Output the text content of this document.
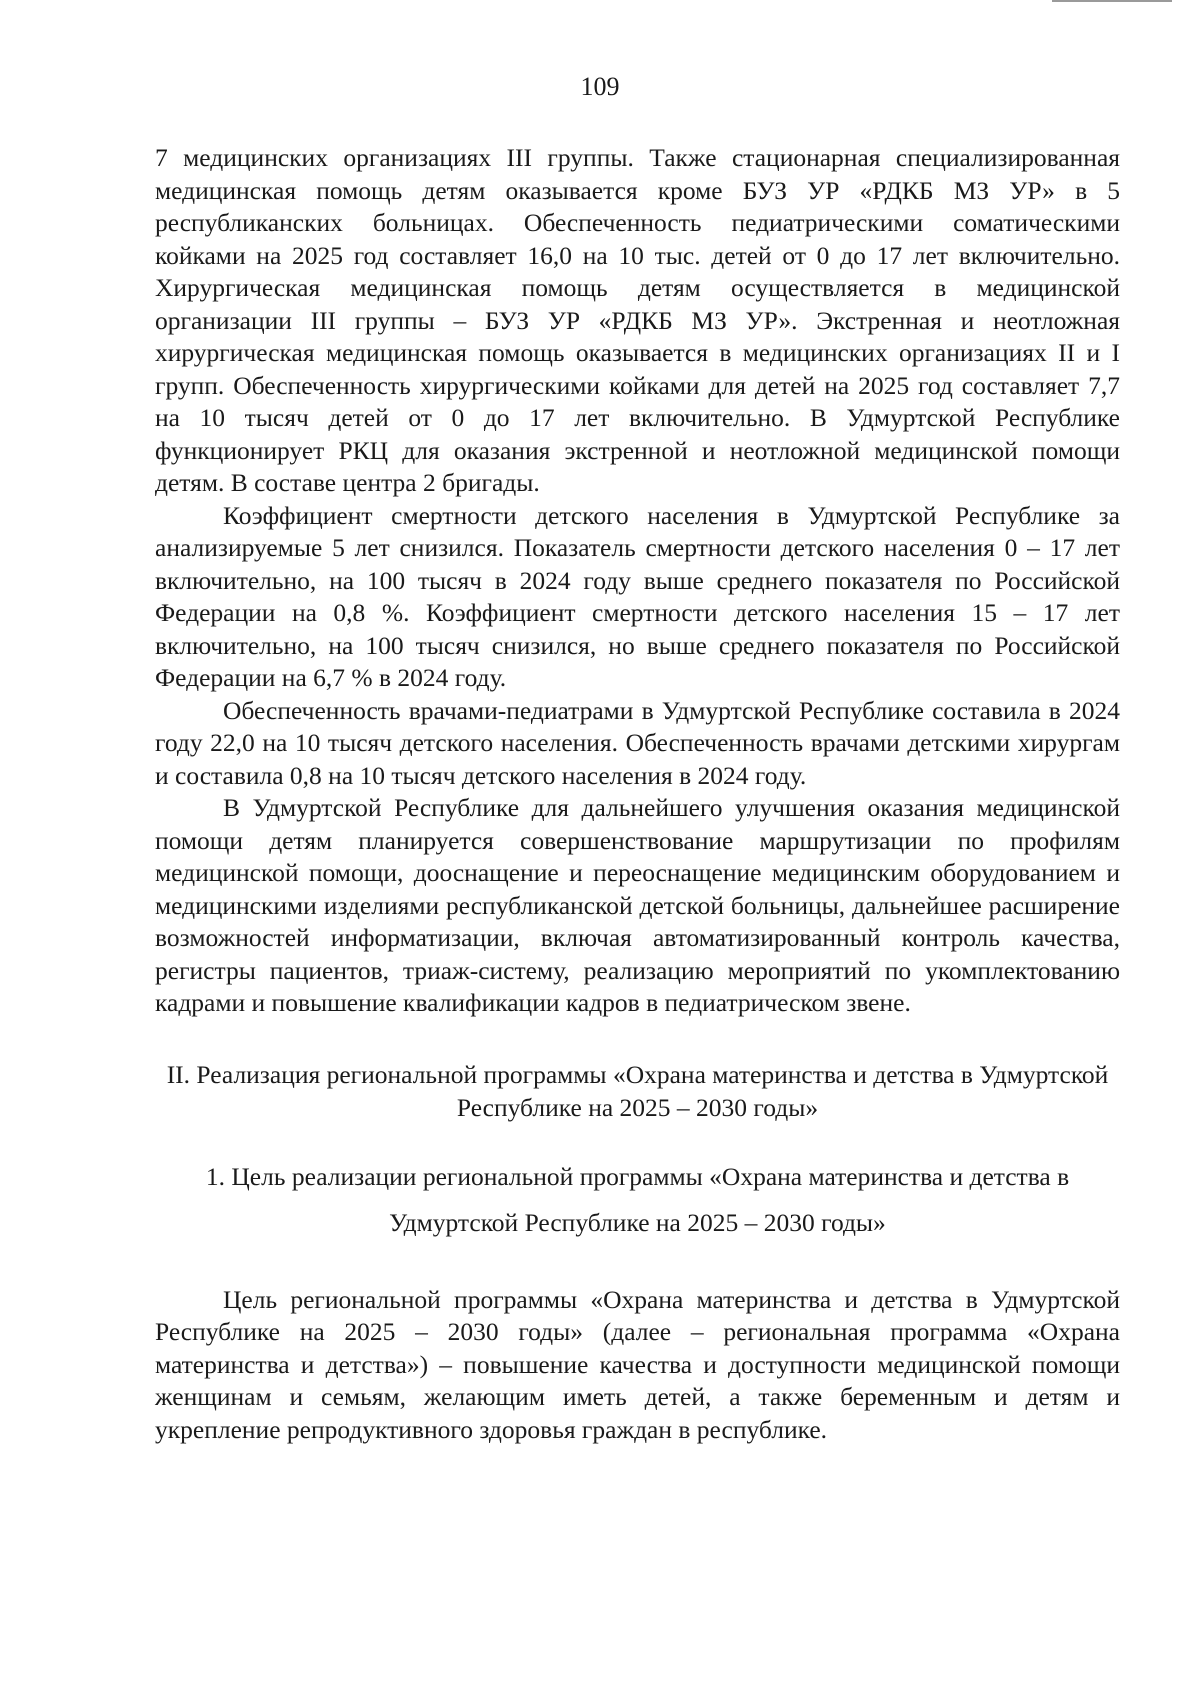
109

7 медицинских организациях III группы. Также стационарная специализированная медицинская помощь детям оказывается кроме БУЗ УР «РДКБ МЗ УР» в 5 республиканских больницах. Обеспеченность педиатрическими соматическими койками на 2025 год составляет 16,0 на 10 тыс. детей от 0 до 17 лет включительно. Хирургическая медицинская помощь детям осуществляется в медицинской организации III группы – БУЗ УР «РДКБ МЗ УР». Экстренная и неотложная хирургическая медицинская помощь оказывается в медицинских организациях II и I групп. Обеспеченность хирургическими койками для детей на 2025 год составляет 7,7 на 10 тысяч детей от 0 до 17 лет включительно. В Удмуртской Республике функционирует РКЦ для оказания экстренной и неотложной медицинской помощи детям. В составе центра 2 бригады.

Коэффициент смертности детского населения в Удмуртской Республике за анализируемые 5 лет снизился. Показатель смертности детского населения 0 – 17 лет включительно, на 100 тысяч в 2024 году выше среднего показателя по Российской Федерации на 0,8 %. Коэффициент смертности детского населения 15 – 17 лет включительно, на 100 тысяч снизился, но выше среднего показателя по Российской Федерации на 6,7 % в 2024 году.

Обеспеченность врачами-педиатрами в Удмуртской Республике составила в 2024 году 22,0 на 10 тысяч детского населения. Обеспеченность врачами детскими хирургам и составила 0,8 на 10 тысяч детского населения в 2024 году.

В Удмуртской Республике для дальнейшего улучшения оказания медицинской помощи детям планируется совершенствование маршрутизации по профилям медицинской помощи, дооснащение и переоснащение медицинским оборудованием и медицинскими изделиями республиканской детской больницы, дальнейшее расширение возможностей информатизации, включая автоматизированный контроль качества, регистры пациентов, триаж-систему, реализацию мероприятий по укомплектованию кадрами и повышение квалификации кадров в педиатрическом звене.

II. Реализация региональной программы «Охрана материнства и детства в Удмуртской Республике на 2025 – 2030 годы»
1. Цель реализации региональной программы «Охрана материнства и детства в Удмуртской Республике на 2025 – 2030 годы»

Цель региональной программы «Охрана материнства и детства в Удмуртской Республике на 2025 – 2030 годы» (далее – региональная программа «Охрана материнства и детства») – повышение качества и доступности медицинской помощи женщинам и семьям, желающим иметь детей, а также беременным и детям и укрепление репродуктивного здоровья граждан в республике.
